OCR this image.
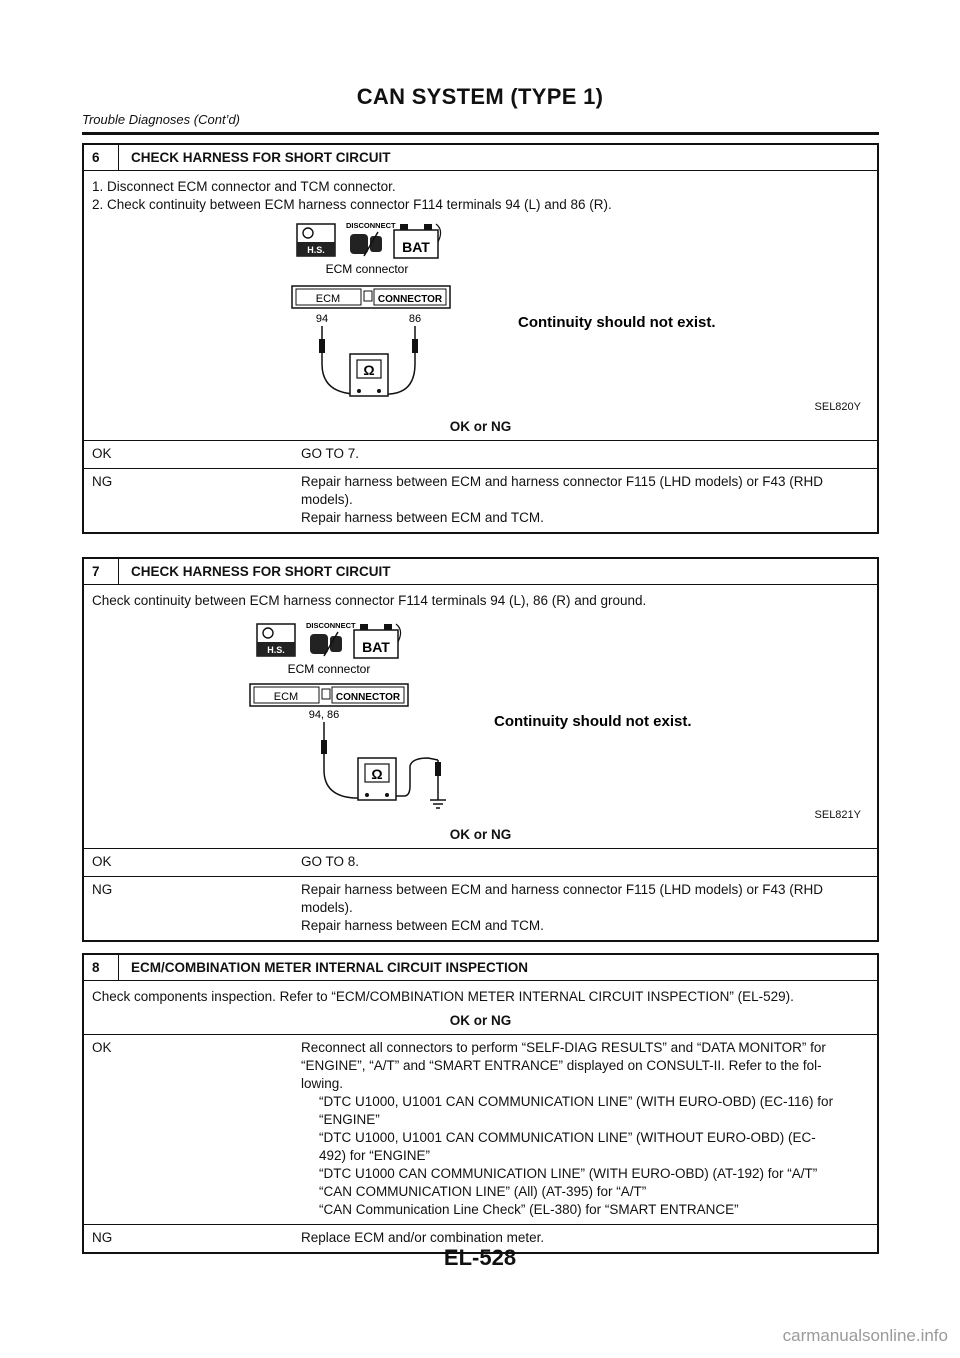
CAN SYSTEM (TYPE 1)
Trouble Diagnoses (Cont’d)
6	CHECK HARNESS FOR SHORT CIRCUIT
1. Disconnect ECM connector and TCM connector.
2. Check continuity between ECM harness connector F114 terminals 94 (L) and 86 (R).
H.S.
DISCONNECT
BAT
ECM connector
ECM	CONNECTOR
94	86
Ω
Continuity should not exist.
SEL820Y
OK or NG
OK	GO TO 7.
NG	Repair harness between ECM and harness connector F115 (LHD models) or F43 (RHD
models).
Repair harness between ECM and TCM.
7	CHECK HARNESS FOR SHORT CIRCUIT
Check continuity between ECM harness connector F114 terminals 94 (L), 86 (R) and ground.
H.S.
DISCONNECT
BAT
ECM connector
ECM	CONNECTOR
94, 86
Ω
Continuity should not exist.
SEL821Y
OK or NG
OK	GO TO 8.
NG	Repair harness between ECM and harness connector F115 (LHD models) or F43 (RHD
models).
Repair harness between ECM and TCM.
8	ECM/COMBINATION METER INTERNAL CIRCUIT INSPECTION
Check components inspection. Refer to “ECM/COMBINATION METER INTERNAL CIRCUIT INSPECTION” (EL-529).
OK or NG
OK	Reconnect all connectors to perform “SELF-DIAG RESULTS” and “DATA MONITOR” for
“ENGINE”, “A/T” and “SMART ENTRANCE” displayed on CONSULT-II. Refer to the fol-
lowing.
“DTC U1000, U1001 CAN COMMUNICATION LINE” (WITH EURO-OBD) (EC-116) for
“ENGINE”
“DTC U1000, U1001 CAN COMMUNICATION LINE” (WITHOUT EURO-OBD) (EC-
492) for “ENGINE”
“DTC U1000 CAN COMMUNICATION LINE” (WITH EURO-OBD) (AT-192) for “A/T”
“CAN COMMUNICATION LINE” (All) (AT-395) for “A/T”
“CAN Communication Line Check” (EL-380) for “SMART ENTRANCE”
NG	Replace ECM and/or combination meter.
EL-528
carmanualsonline.info
